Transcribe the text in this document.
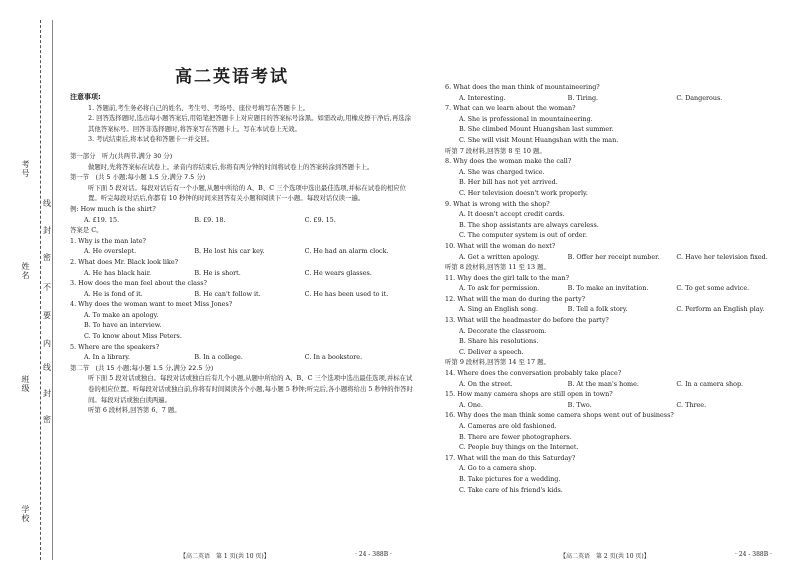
考号
姓名
班级
学校
线
封
密
不
要
内
线
封
密
高二英语考试

注意事项:

1. 答题前,考生务必将自己的姓名、考生号、考场号、座位号填写在答题卡上。

2. 回答选择题时,选出每小题答案后,用铅笔把答题卡上对应题目的答案标号涂黑。如需改动,用橡皮擦干净后,再选涂其他答案标号。回答非选择题时,将答案写在答题卡上。写在本试卷上无效。

3. 考试结束后,将本试卷和答题卡一并交回。

第一部分　听力(共两节,满分 30 分)

做题时,先将答案标在试卷上。录音内容结束后,你将有两分钟的时间将试卷上的答案转涂到答题卡上。

第一节　(共 5 小题;每小题 1.5 分,满分 7.5 分)

听下面 5 段对话。每段对话后有一个小题,从题中所给的 A、B、C 三个选项中选出最佳选项,并标在试卷的相应位置。听完每段对话后,你都有 10 秒钟的时间来回答有关小题和阅读下一小题。每段对话仅读一遍。

例: How much is the shirt?

A. £19. 15.	B. £9. 18.	C. £9. 15.

答案是 C。

1. Why is the man late?

A. He overslept.	B. He lost his car key.	C. He had an alarm clock.

2. What does Mr. Black look like?

A. He has black hair.	B. He is short.	C. He wears glasses.

3. How does the man feel about the class?

A. He is fond of it.	B. He can't follow it.	C. He has been used to it.

4. Why does the woman want to meet Miss Jones?

A. To make an apology.

B. To have an interview.

C. To know about Miss Peters.

5. Where are the speakers?

A. In a library.	B. In a college.	C. In a bookstore.

第二节　(共 15 小题;每小题 1.5 分,满分 22.5 分)

听下面 5 段对话或独白。每段对话或独白后有几个小题,从题中所给的 A、B、C 三个选项中选出最佳选项,并标在试卷的相应位置。听每段对话或独白前,你将有时间阅读各个小题,每小题 5 秒钟;听完后,各小题将给出 5 秒钟的作答时间。每段对话或独白读两遍。

听第 6 段材料,回答第 6、7 题。

6. What does the man think of mountaineering?

A. Interesting.	B. Tiring.	C. Dangerous.

7. What can we learn about the woman?

A. She is professional in mountaineering.

B. She climbed Mount Huangshan last summer.

C. She will visit Mount Huangshan with the man.

听第 7 段材料,回答第 8 至 10 题。

8. Why does the woman make the call?

A. She was charged twice.

B. Her bill has not yet arrived.

C. Her television doesn't work properly.

9. What is wrong with the shop?

A. It doesn't accept credit cards.

B. The shop assistants are always careless.

C. The computer system is out of order.

10. What will the woman do next?

A. Get a written apology.	B. Offer her receipt number.	C. Have her television fixed.

听第 8 段材料,回答第 11 至 13 题。

11. Why does the girl talk to the man?

A. To ask for permission.	B. To make an invitation.	C. To get some advice.

12. What will the man do during the party?

A. Sing an English song.	B. Tell a folk story.	C. Perform an English play.

13. What will the headmaster do before the party?

A. Decorate the classroom.

B. Share his resolutions.

C. Deliver a speech.

听第 9 段材料,回答第 14 至 17 题。

14. Where does the conversation probably take place?

A. On the street.	B. At the man's home.	C. In a camera shop.

15. How many camera shops are still open in town?

A. One.	B. Two.	C. Three.

16. Why does the man think some camera shops went out of business?

A. Cameras are old fashioned.

B. There are fewer photographers.

C. People buy things on the Internet.

17. What will the man do this Saturday?

A. Go to a camera shop.

B. Take pictures for a wedding.

C. Take care of his friend's kids.

【高二英语　第 1 页(共 10 页)】	· 24 - 388B ·	【高二英语　第 2 页(共 10 页)】	· 24 - 388B ·
